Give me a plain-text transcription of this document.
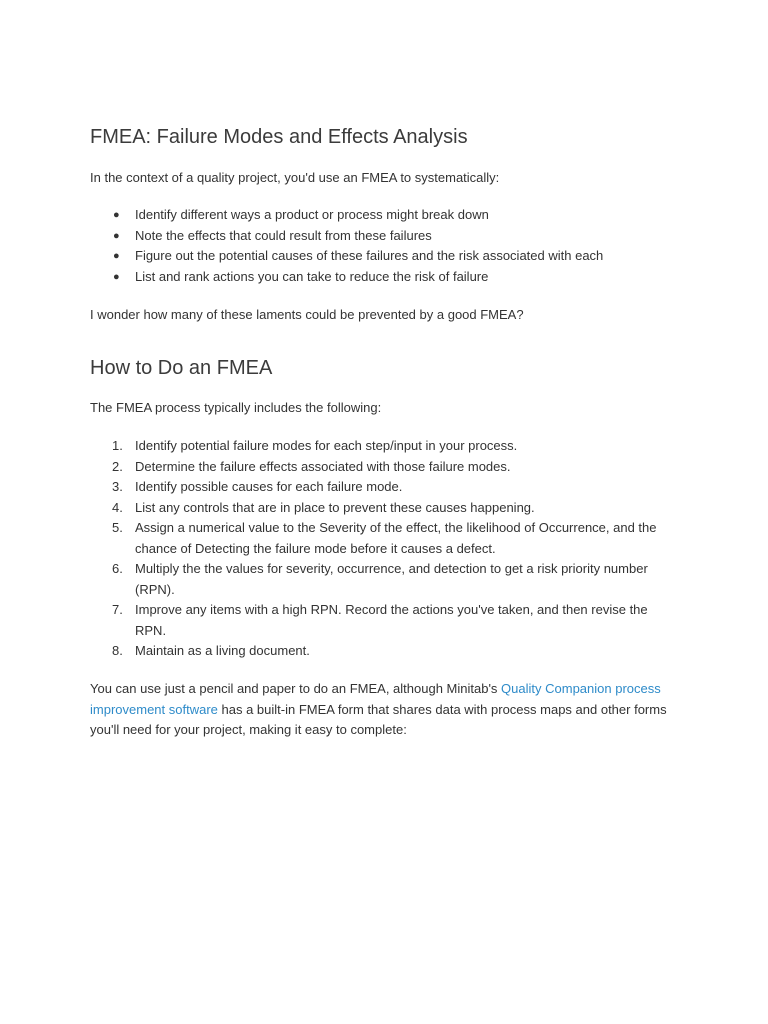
FMEA: Failure Modes and Effects Analysis

In the context of a quality project, you'd use an FMEA to systematically:

● Identify different ways a product or process might break down
● Note the effects that could result from these failures
● Figure out the potential causes of these failures and the risk associated with each
● List and rank actions you can take to reduce the risk of failure

I wonder how many of these laments could be prevented by a good FMEA?

How to Do an FMEA

The FMEA process typically includes the following:

1. Identify potential failure modes for each step/input in your process.
2. Determine the failure effects associated with those failure modes.
3. Identify possible causes for each failure mode.
4. List any controls that are in place to prevent these causes happening.
5. Assign a numerical value to the Severity of the effect, the likelihood of Occurrence, and the chance of Detecting the failure mode before it causes a defect.
6. Multiply the the values for severity, occurrence, and detection to get a risk priority number (RPN).
7. Improve any items with a high RPN. Record the actions you've taken, and then revise the RPN.
8. Maintain as a living document.

You can use just a pencil and paper to do an FMEA, although Minitab's Quality Companion process improvement software has a built-in FMEA form that shares data with process maps and other forms you'll need for your project, making it easy to complete:
